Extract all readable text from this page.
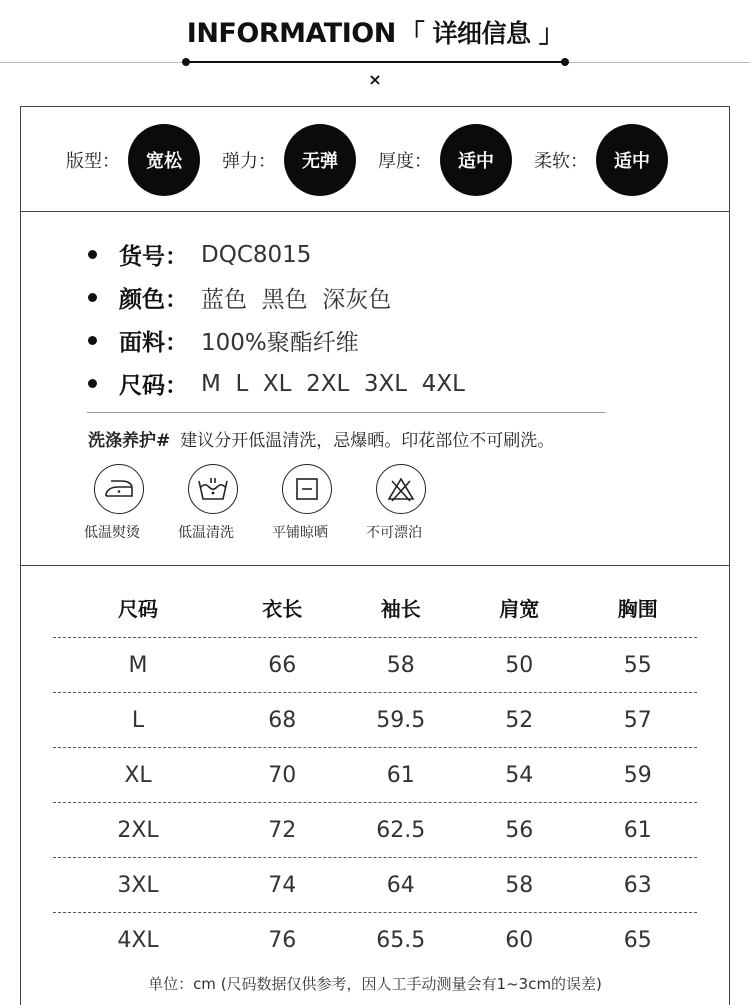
INFORMATION 「 详细信息 」
×
版型：	宽松	弹力：	无弹	厚度：	适中	柔软：	适中
货号： DQC8015
颜色： 蓝色  黑色  深灰色
面料： 100%聚酯纤维
尺码： M  L  XL  2XL  3XL  4XL
洗涤养护# 建议分开低温清洗，忌爆晒。印花部位不可刷洗。
低温熨烫	低温清洗	平铺晾晒	不可漂泊
尺码	衣长	袖长	肩宽	胸围
M	66	58	50	55
L	68	59.5	52	57
XL	70	61	54	59
2XL	72	62.5	56	61
3XL	74	64	58	63
4XL	76	65.5	60	65
单位：cm (尺码数据仅供参考，因人工手动测量会有1~3cm的误差)
